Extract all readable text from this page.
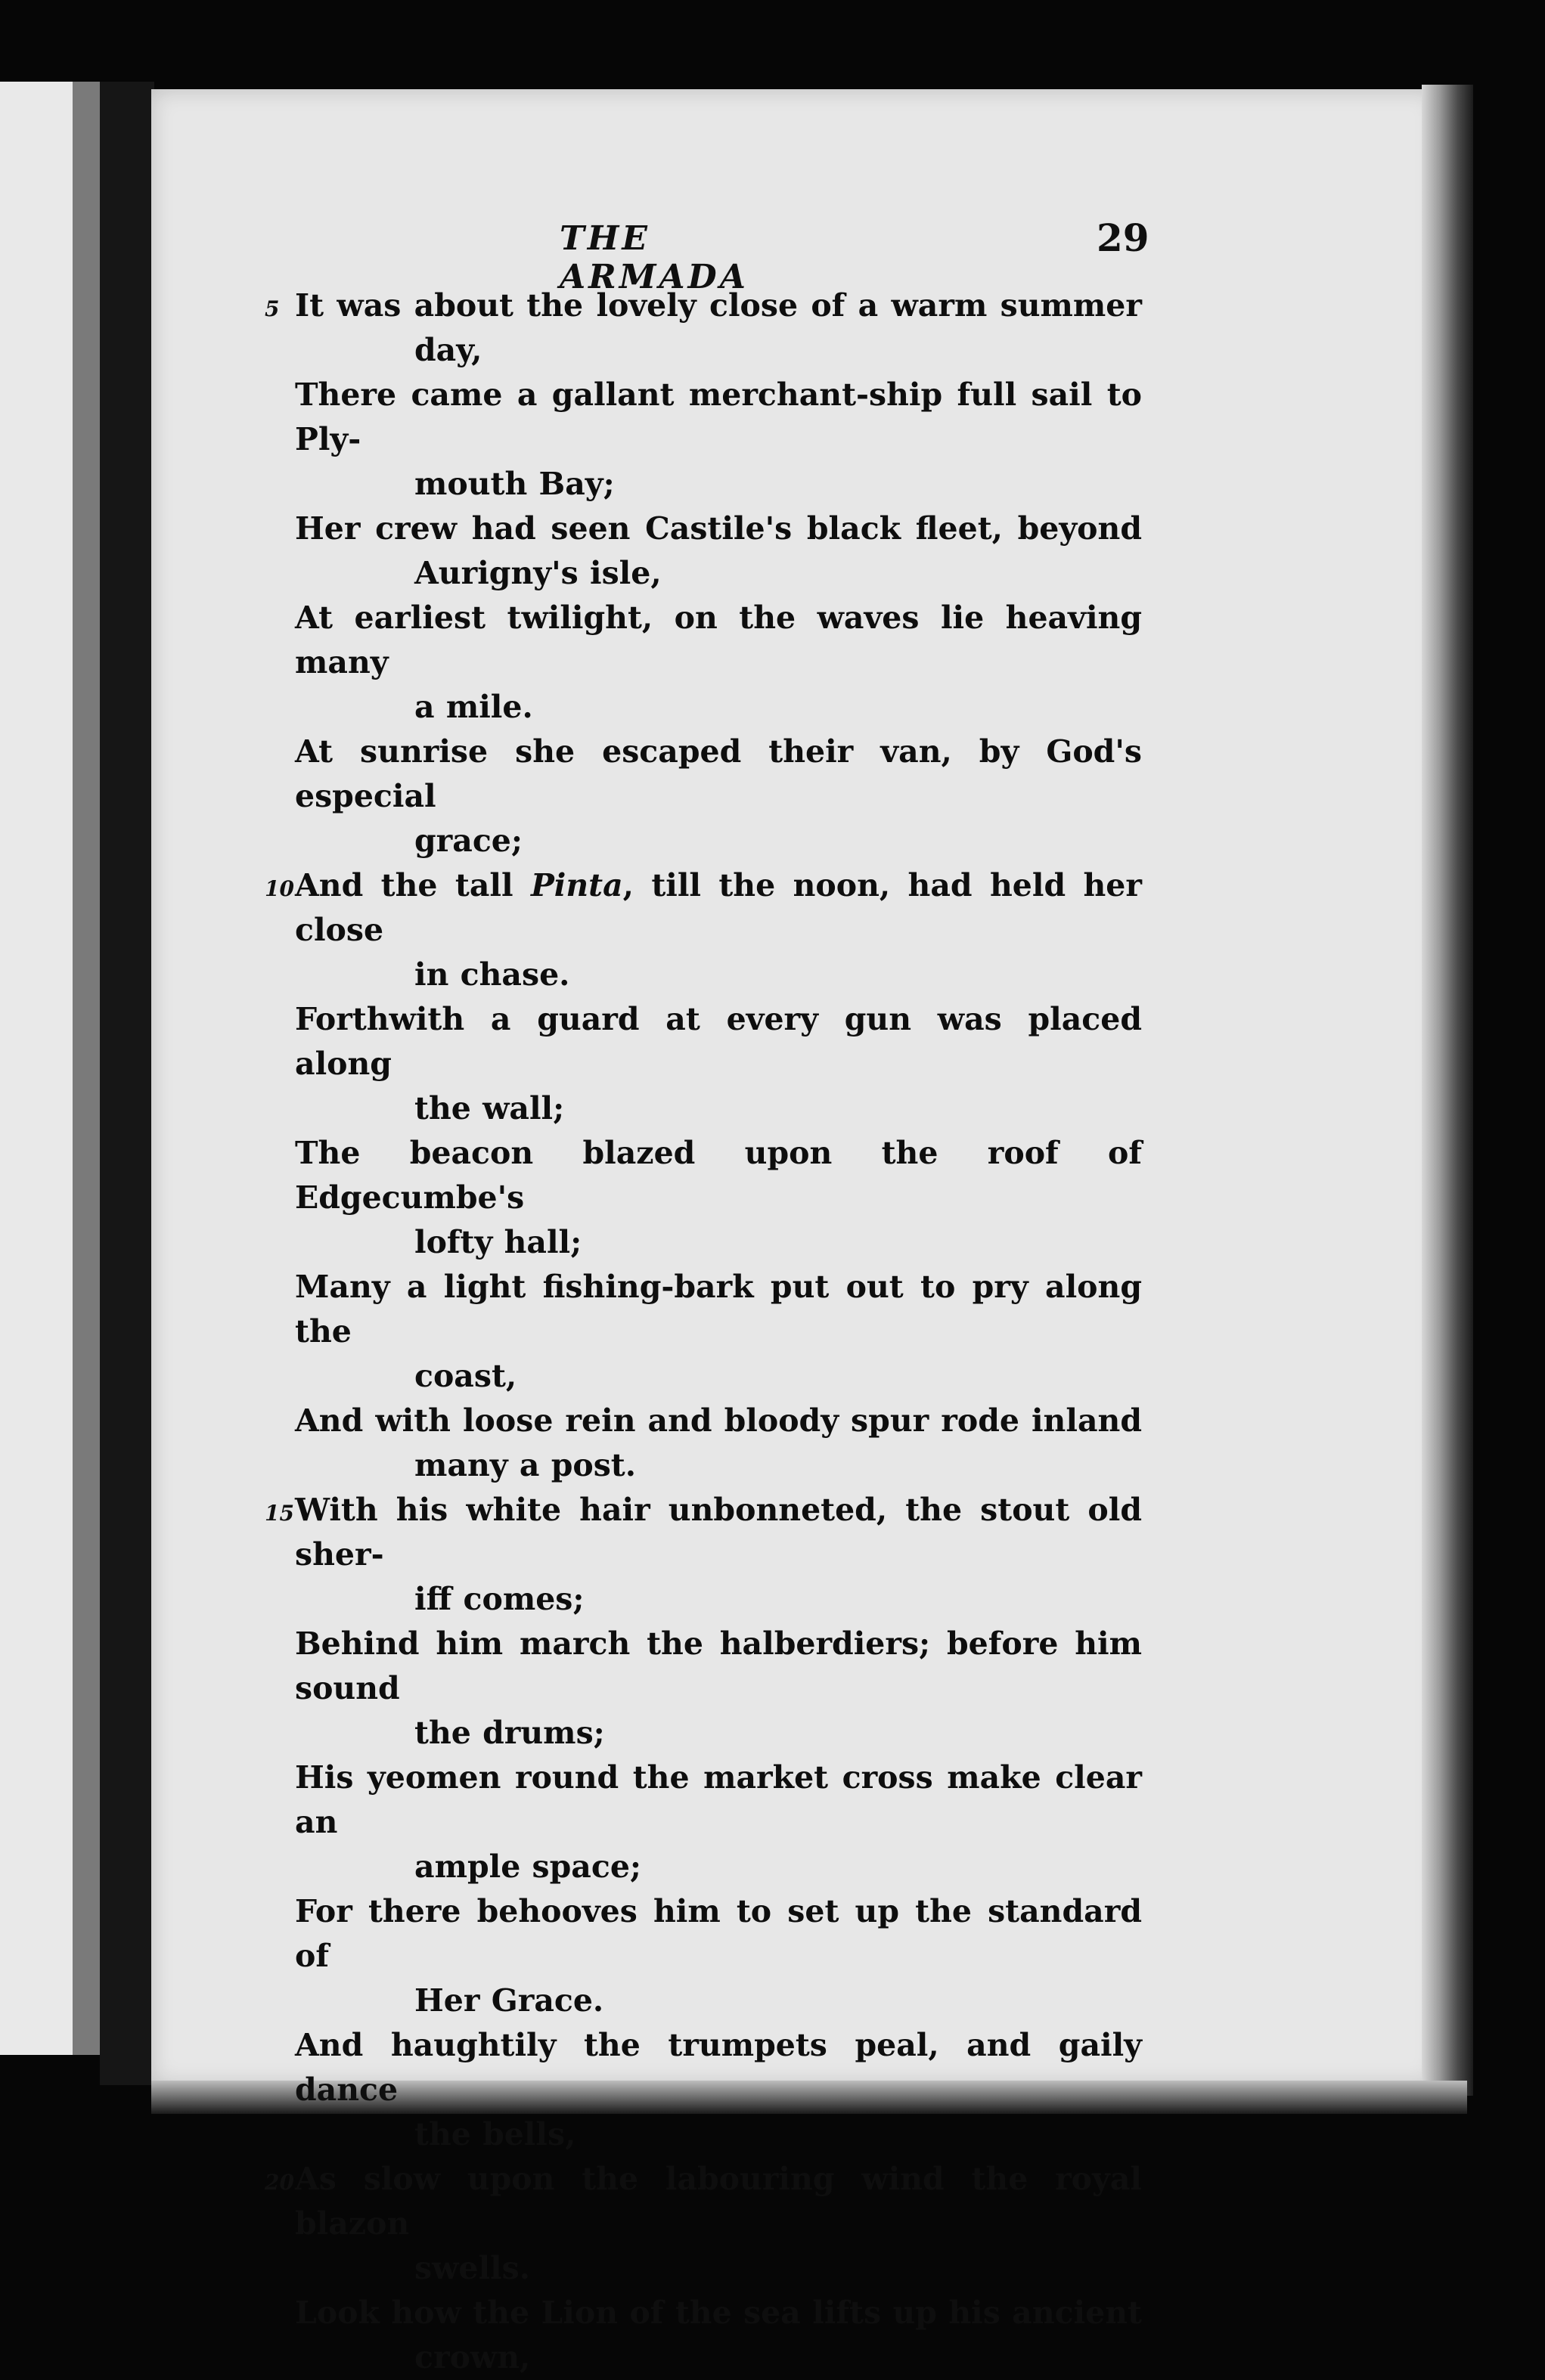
THE ARMADA
29
5 It was about the lovely close of a warm summer
day,
There came a gallant merchant-ship full sail to Ply-
mouth Bay;
Her crew had seen Castile's black fleet, beyond
Aurigny's isle,
At earliest twilight, on the waves lie heaving many
a mile.
At sunrise she escaped their van, by God's especial
grace;
10 And the tall Pinta, till the noon, had held her close
in chase.
Forthwith a guard at every gun was placed along
the wall;
The beacon blazed upon the roof of Edgecumbe's
lofty hall;
Many a light fishing-bark put out to pry along the
coast,
And with loose rein and bloody spur rode inland
many a post.
15 With his white hair unbonneted, the stout old sher-
iff comes;
Behind him march the halberdiers; before him sound
the drums;
His yeomen round the market cross make clear an
ample space;
For there behooves him to set up the standard of
Her Grace.
And haughtily the trumpets peal, and gaily dance
the bells,
20 As slow upon the labouring wind the royal blazon
swells.
Look how the Lion of the sea lifts up his ancient
crown,
